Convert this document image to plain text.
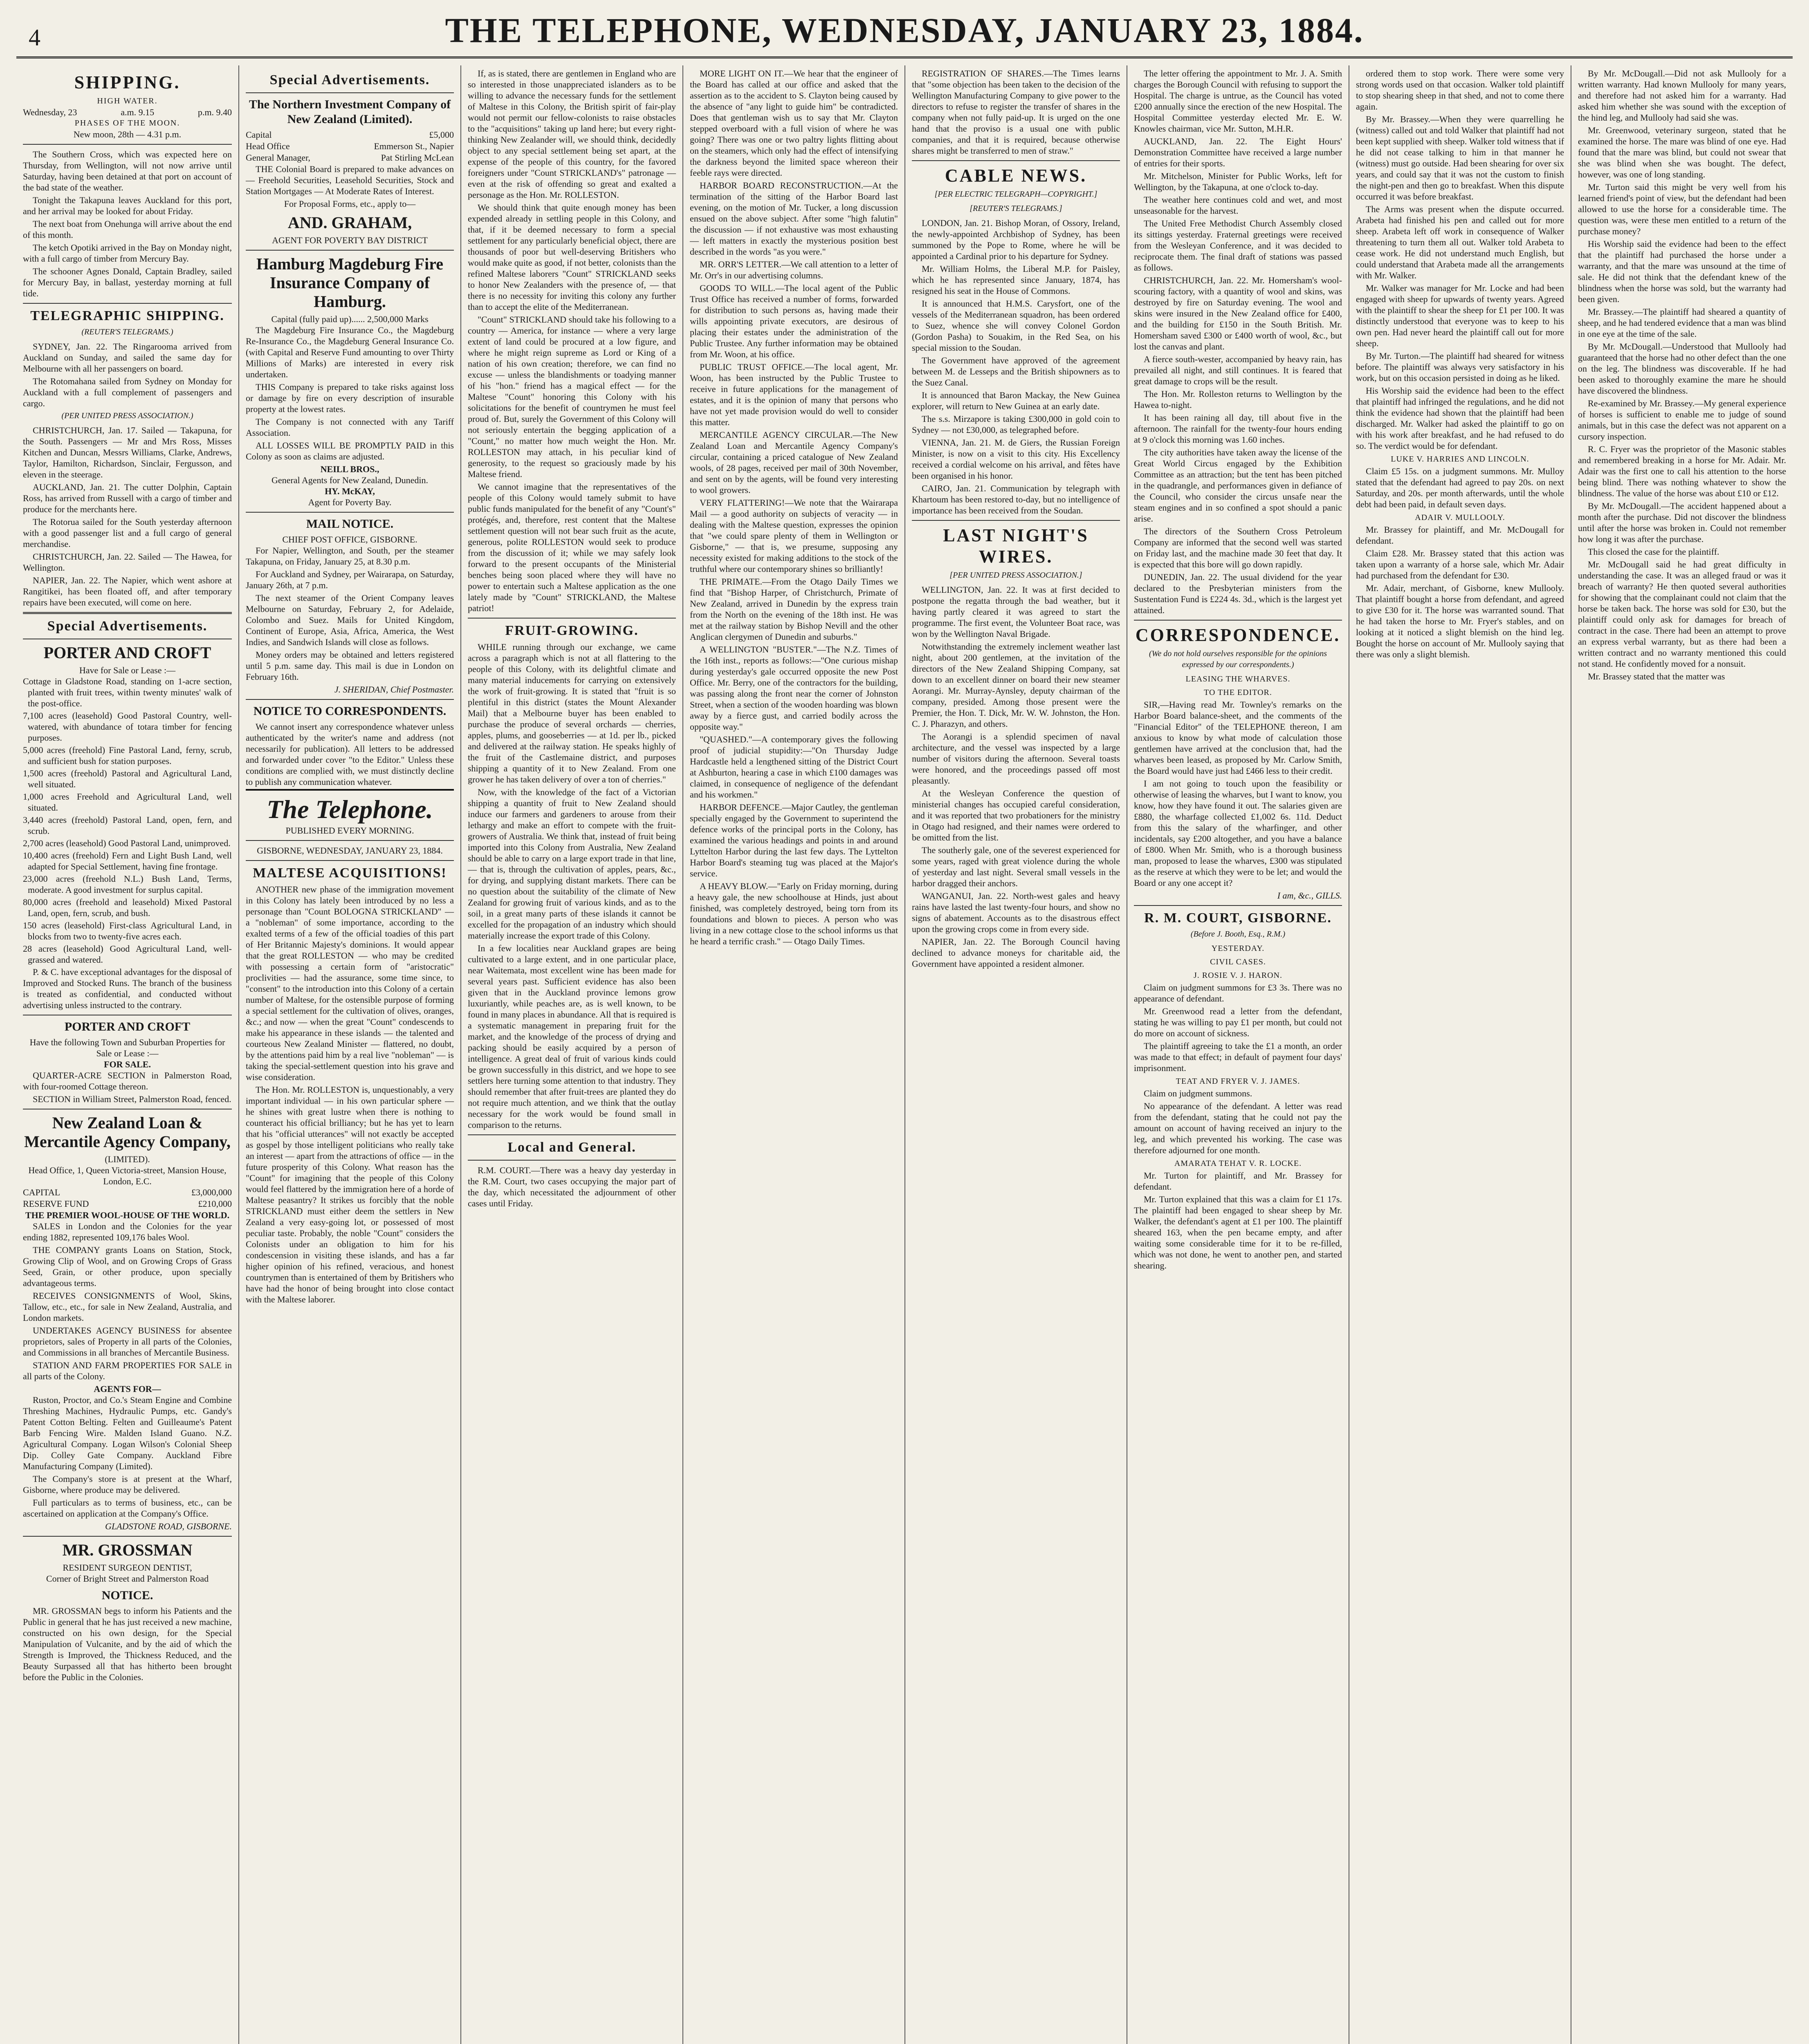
4	THE TELEPHONE, WEDNESDAY, JANUARY 23, 1884.
SHIPPING.
HIGH WATER.
Wednesday, 23	a.m. 9.15	p.m. 9.40
PHASES OF THE MOON.
New moon, 28th — 4.31 p.m.

The Southern Cross, which was expected here on Thursday, from Wellington, will not now arrive until Saturday, having been detained at that port on account of the bad state of the weather.

Tonight the Takapuna leaves Auckland for this port, and her arrival may be looked for about Friday.

The next boat from Onehunga will arrive about the end of this month.

The ketch Opotiki arrived in the Bay on Monday night, with a full cargo of timber from Mercury Bay.

The schooner Agnes Donald, Captain Bradley, sailed for Mercury Bay, in ballast, yesterday morning at full tide.

TELEGRAPHIC SHIPPING.
(REUTER'S TELEGRAMS.)

SYDNEY, Jan. 22. The Ringarooma arrived from Auckland on Sunday, and sailed the same day for Melbourne with all her passengers on board.

The Rotomahana sailed from Sydney on Monday for Auckland with a full complement of passengers and cargo.

(PER UNITED PRESS ASSOCIATION.)

CHRISTCHURCH, Jan. 17. Sailed — Takapuna, for the South. Passengers — Mr and Mrs Ross, Misses Kitchen and Duncan, Messrs Williams, Clarke, Andrews, Taylor, Hamilton, Richardson, Sinclair, Fergusson, and eleven in the steerage.

AUCKLAND, Jan. 21. The cutter Dolphin, Captain Ross, has arrived from Russell with a cargo of timber and produce for the merchants here.

The Rotorua sailed for the South yesterday afternoon with a good passenger list and a full cargo of general merchandise.

CHRISTCHURCH, Jan. 22. Sailed — The Hawea, for Wellington.

NAPIER, Jan. 22. The Napier, which went ashore at Rangitikei, has been floated off, and after temporary repairs have been executed, will come on here.

Special Advertisements.
PORTER AND CROFT
Have for Sale or Lease :—

Cottage in Gladstone Road, standing on 1-acre section, planted with fruit trees, within twenty minutes' walk of the post-office.

7,100 acres (leasehold) Good Pastoral Country, well-watered, with abundance of totara timber for fencing purposes.

5,000 acres (freehold) Fine Pastoral Land, ferny, scrub, and sufficient bush for station purposes.

1,500 acres (freehold) Pastoral and Agricultural Land, well situated.

1,000 acres Freehold and Agricultural Land, well situated.

3,440 acres (freehold) Pastoral Land, open, fern, and scrub.

2,700 acres (leasehold) Good Pastoral Land, unimproved.

10,400 acres (freehold) Fern and Light Bush Land, well adapted for Special Settlement, having fine frontage.

23,000 acres (freehold N.L.) Bush Land, Terms, moderate. A good investment for surplus capital.

80,000 acres (freehold and leasehold) Mixed Pastoral Land, open, fern, scrub, and bush.

150 acres (leasehold) First-class Agricultural Land, in blocks from two to twenty-five acres each.

28 acres (leasehold) Good Agricultural Land, well-grassed and watered.

P. & C. have exceptional advantages for the disposal of Improved and Stocked Runs. The branch of the business is treated as confidential, and conducted without advertising unless instructed to the contrary.

PORTER AND CROFT
Have the following Town and Suburban Properties for Sale or Lease :—
FOR SALE.

QUARTER-ACRE SECTION in Palmerston Road, with four-roomed Cottage thereon.

SECTION in William Street, Palmerston Road, fenced.

New Zealand Loan & Mercantile Agency Company,
(LIMITED).
Head Office, 1, Queen Victoria-street, Mansion House, London, E.C.
CAPITAL	£3,000,000
RESERVE FUND	£210,000
THE PREMIER WOOL-HOUSE OF THE WORLD.

SALES in London and the Colonies for the year ending 1882, represented 109,176 bales Wool.

THE COMPANY grants Loans on Station, Stock, Growing Clip of Wool, and on Growing Crops of Grass Seed, Grain, or other produce, upon specially advantageous terms.

RECEIVES CONSIGNMENTS of Wool, Skins, Tallow, etc., etc., for sale in New Zealand, Australia, and London markets.

UNDERTAKES AGENCY BUSINESS for absentee proprietors, sales of Property in all parts of the Colonies, and Commissions in all branches of Mercantile Business.

STATION AND FARM PROPERTIES FOR SALE in all parts of the Colony.

AGENTS FOR—

Ruston, Proctor, and Co.'s Steam Engine and Combine Threshing Machines, Hydraulic Pumps, etc. Gandy's Patent Cotton Belting. Felten and Guilleaume's Patent Barb Fencing Wire. Malden Island Guano. N.Z. Agricultural Company. Logan Wilson's Colonial Sheep Dip. Colley Gate Company. Auckland Fibre Manufacturing Company (Limited).

The Company's store is at present at the Wharf, Gisborne, where produce may be delivered.

Full particulars as to terms of business, etc., can be ascertained on application at the Company's Office.

GLADSTONE ROAD, GISBORNE.
MR. GROSSMAN
RESIDENT SURGEON DENTIST,
Corner of Bright Street and Palmerston Road
NOTICE.

MR. GROSSMAN begs to inform his Patients and the Public in general that he has just received a new machine, constructed on his own design, for the Special Manipulation of Vulcanite, and by the aid of which the Strength is Improved, the Thickness Reduced, and the Beauty Surpassed all that has hitherto been brought before the Public in the Colonies.

Special Advertisements.
The Northern Investment Company of New Zealand (Limited).
Capital	£5,000
Head Office	Emmerson St., Napier
General Manager,	Pat Stirling McLean

THE Colonial Board is prepared to make advances on — Freehold Securities, Leasehold Securities, Stock and Station Mortgages — At Moderate Rates of Interest.

For Proposal Forms, etc., apply to—
AND. GRAHAM,
AGENT FOR POVERTY BAY DISTRICT
Hamburg Magdeburg Fire Insurance Company of Hamburg.
Capital (fully paid up)...... 2,500,000 Marks

The Magdeburg Fire Insurance Co., the Magdeburg Re-Insurance Co., the Magdeburg General Insurance Co. (with Capital and Reserve Fund amounting to over Thirty Millions of Marks) are interested in every risk undertaken.

THIS Company is prepared to take risks against loss or damage by fire on every description of insurable property at the lowest rates.

The Company is not connected with any Tariff Association.

ALL LOSSES WILL BE PROMPTLY PAID in this Colony as soon as claims are adjusted.

NEILL BROS.,
General Agents for New Zealand, Dunedin.
HY. McKAY,
Agent for Poverty Bay.
MAIL NOTICE.
CHIEF POST OFFICE, GISBORNE.

For Napier, Wellington, and South, per the steamer Takapuna, on Friday, January 25, at 8.30 p.m.

For Auckland and Sydney, per Wairarapa, on Saturday, January 26th, at 7 p.m.

The next steamer of the Orient Company leaves Melbourne on Saturday, February 2, for Adelaide, Colombo and Suez. Mails for United Kingdom, Continent of Europe, Asia, Africa, America, the West Indies, and Sandwich Islands will close as follows.

Money orders may be obtained and letters registered until 5 p.m. same day. This mail is due in London on February 16th.

J. SHERIDAN, Chief Postmaster.
NOTICE TO CORRESPONDENTS.

We cannot insert any correspondence whatever unless authenticated by the writer's name and address (not necessarily for publication). All letters to be addressed and forwarded under cover "to the Editor." Unless these conditions are complied with, we must distinctly decline to publish any communication whatever.

The Telephone.
PUBLISHED EVERY MORNING.
GISBORNE, WEDNESDAY, JANUARY 23, 1884.
MALTESE ACQUISITIONS!

ANOTHER new phase of the immigration movement in this Colony has lately been introduced by no less a personage than "Count BOLOGNA STRICKLAND" — a "nobleman" of some importance, according to the exalted terms of a few of the official toadies of this part of Her Britannic Majesty's dominions. It would appear that the great ROLLESTON — who may be credited with possessing a certain form of "aristocratic" proclivities — had the assurance, some time since, to "consent" to the introduction into this Colony of a certain number of Maltese, for the ostensible purpose of forming a special settlement for the cultivation of olives, oranges, &c.; and now — when the great "Count" condescends to make his appearance in these islands — the talented and courteous New Zealand Minister — flattered, no doubt, by the attentions paid him by a real live "nobleman" — is taking the special-settlement question into his grave and wise consideration.

The Hon. Mr. ROLLESTON is, unquestionably, a very important individual — in his own particular sphere — he shines with great lustre when there is nothing to counteract his official brilliancy; but he has yet to learn that his "official utterances" will not exactly be accepted as gospel by those intelligent politicians who really take an interest — apart from the attractions of office — in the future prosperity of this Colony. What reason has the "Count" for imagining that the people of this Colony would feel flattered by the immigration here of a horde of Maltese peasantry? It strikes us forcibly that the noble STRICKLAND must either deem the settlers in New Zealand a very easy-going lot, or possessed of most peculiar taste. Probably, the noble "Count" considers the Colonists under an obligation to him for his condescension in visiting these islands, and has a far higher opinion of his refined, veracious, and honest countrymen than is entertained of them by Britishers who have had the honor of being brought into close contact with the Maltese laborer.

If, as is stated, there are gentlemen in England who are so interested in those unappreciated islanders as to be willing to advance the necessary funds for the settlement of Maltese in this Colony, the British spirit of fair-play would not permit our fellow-colonists to raise obstacles to the "acquisitions" taking up land here; but every right-thinking New Zealander will, we should think, decidedly object to any special settlement being set apart, at the expense of the people of this country, for the favored foreigners under "Count STRICKLAND's" patronage — even at the risk of offending so great and exalted a personage as the Hon. Mr. ROLLESTON.

We should think that quite enough money has been expended already in settling people in this Colony, and that, if it be deemed necessary to form a special settlement for any particularly beneficial object, there are thousands of poor but well-deserving Britishers who would make quite as good, if not better, colonists than the refined Maltese laborers "Count" STRICKLAND seeks to honor New Zealanders with the presence of, — that there is no necessity for inviting this colony any further than to accept the elite of the Mediterranean.

"Count" STRICKLAND should take his following to a country — America, for instance — where a very large extent of land could be procured at a low figure, and where he might reign supreme as Lord or King of a nation of his own creation; therefore, we can find no excuse — unless the blandishments or toadying manner of his "hon." friend has a magical effect — for the Maltese "Count" honoring this Colony with his solicitations for the benefit of countrymen he must feel proud of. But, surely the Government of this Colony will not seriously entertain the begging application of a "Count," no matter how much weight the Hon. Mr. ROLLESTON may attach, in his peculiar kind of generosity, to the request so graciously made by his Maltese friend.

We cannot imagine that the representatives of the people of this Colony would tamely submit to have public funds manipulated for the benefit of any "Count's" protégés, and, therefore, rest content that the Maltese settlement question will not bear such fruit as the acute, generous, polite ROLLESTON would seek to produce from the discussion of it; while we may safely look forward to the present occupants of the Ministerial benches being soon placed where they will have no power to entertain such a Maltese application as the one lately made by "Count" STRICKLAND, the Maltese patriot!

FRUIT-GROWING.

WHILE running through our exchange, we came across a paragraph which is not at all flattering to the people of this Colony, with its delightful climate and many material inducements for carrying on extensively the work of fruit-growing. It is stated that "fruit is so plentiful in this district (states the Mount Alexander Mail) that a Melbourne buyer has been enabled to purchase the produce of several orchards — cherries, apples, plums, and gooseberries — at 1d. per lb., picked and delivered at the railway station. He speaks highly of the fruit of the Castlemaine district, and purposes shipping a quantity of it to New Zealand. From one grower he has taken delivery of over a ton of cherries."

Now, with the knowledge of the fact of a Victorian shipping a quantity of fruit to New Zealand should induce our farmers and gardeners to arouse from their lethargy and make an effort to compete with the fruit-growers of Australia. We think that, instead of fruit being imported into this Colony from Australia, New Zealand should be able to carry on a large export trade in that line, — that is, through the cultivation of apples, pears, &c., for drying, and supplying distant markets. There can be no question about the suitability of the climate of New Zealand for growing fruit of various kinds, and as to the soil, in a great many parts of these islands it cannot be excelled for the propagation of an industry which should materially increase the export trade of this Colony.

In a few localities near Auckland grapes are being cultivated to a large extent, and in one particular place, near Waitemata, most excellent wine has been made for several years past. Sufficient evidence has also been given that in the Auckland province lemons grow luxuriantly, while peaches are, as is well known, to be found in many places in abundance. All that is required is a systematic management in preparing fruit for the market, and the knowledge of the process of drying and packing should be easily acquired by a person of intelligence. A great deal of fruit of various kinds could be grown successfully in this district, and we hope to see settlers here turning some attention to that industry. They should remember that after fruit-trees are planted they do not require much attention, and we think that the outlay necessary for the work would be found small in comparison to the returns.

Local and General.

R.M. COURT.—There was a heavy day yesterday in the R.M. Court, two cases occupying the major part of the day, which necessitated the adjournment of other cases until Friday.

MORE LIGHT ON IT.—We hear that the engineer of the Board has called at our office and asked that the assertion as to the accident to S. Clayton being caused by the absence of "any light to guide him" be contradicted. Does that gentleman wish us to say that Mr. Clayton stepped overboard with a full vision of where he was going? There was one or two paltry lights flitting about on the steamers, which only had the effect of intensifying the darkness beyond the limited space whereon their feeble rays were directed.

HARBOR BOARD RECONSTRUCTION.—At the termination of the sitting of the Harbor Board last evening, on the motion of Mr. Tucker, a long discussion ensued on the above subject. After some "high falutin" the discussion — if not exhaustive was most exhausting — left matters in exactly the mysterious position best described in the words "as you were."

MR. ORR'S LETTER.—We call attention to a letter of Mr. Orr's in our advertising columns.

GOODS TO WILL.—The local agent of the Public Trust Office has received a number of forms, forwarded for distribution to such persons as, having made their wills appointing private executors, are desirous of placing their estates under the administration of the Public Trustee. Any further information may be obtained from Mr. Woon, at his office.

PUBLIC TRUST OFFICE.—The local agent, Mr. Woon, has been instructed by the Public Trustee to receive in future applications for the management of estates, and it is the opinion of many that persons who have not yet made provision would do well to consider this matter.

MERCANTILE AGENCY CIRCULAR.—The New Zealand Loan and Mercantile Agency Company's circular, containing a priced catalogue of New Zealand wools, of 28 pages, received per mail of 30th November, and sent on by the agents, will be found very interesting to wool growers.

VERY FLATTERING!—We note that the Wairarapa Mail — a good authority on subjects of veracity — in dealing with the Maltese question, expresses the opinion that "we could spare plenty of them in Wellington or Gisborne," — that is, we presume, supposing any necessity existed for making additions to the stock of the truthful where our contemporary shines so brilliantly!

THE PRIMATE.—From the Otago Daily Times we find that "Bishop Harper, of Christchurch, Primate of New Zealand, arrived in Dunedin by the express train from the North on the evening of the 18th inst. He was met at the railway station by Bishop Nevill and the other Anglican clergymen of Dunedin and suburbs."

A WELLINGTON "BUSTER."—The N.Z. Times of the 16th inst., reports as follows:—"One curious mishap during yesterday's gale occurred opposite the new Post Office. Mr. Berry, one of the contractors for the building, was passing along the front near the corner of Johnston Street, when a section of the wooden hoarding was blown away by a fierce gust, and carried bodily across the opposite way."

"QUASHED."—A contemporary gives the following proof of judicial stupidity:—"On Thursday Judge Hardcastle held a lengthened sitting of the District Court at Ashburton, hearing a case in which £100 damages was claimed, in consequence of negligence of the defendant and his workmen."

HARBOR DEFENCE.—Major Cautley, the gentleman specially engaged by the Government to superintend the defence works of the principal ports in the Colony, has examined the various headings and points in and around Lyttelton Harbor during the last few days. The Lyttelton Harbor Board's steaming tug was placed at the Major's service.

A HEAVY BLOW.—"Early on Friday morning, during a heavy gale, the new schoolhouse at Hinds, just about finished, was completely destroyed, being torn from its foundations and blown to pieces. A person who was living in a new cottage close to the school informs us that he heard a terrific crash." — Otago Daily Times.

REGISTRATION OF SHARES.—The Times learns that "some objection has been taken to the decision of the Wellington Manufacturing Company to give power to the directors to refuse to register the transfer of shares in the company when not fully paid-up. It is urged on the one hand that the proviso is a usual one with public companies, and that it is required, because otherwise shares might be transferred to men of straw."

CABLE NEWS.
[PER ELECTRIC TELEGRAPH—COPYRIGHT.]
[REUTER'S TELEGRAMS.]

LONDON, Jan. 21. Bishop Moran, of Ossory, Ireland, the newly-appointed Archbishop of Sydney, has been summoned by the Pope to Rome, where he will be appointed a Cardinal prior to his departure for Sydney.

Mr. William Holms, the Liberal M.P. for Paisley, which he has represented since January, 1874, has resigned his seat in the House of Commons.

It is announced that H.M.S. Carysfort, one of the vessels of the Mediterranean squadron, has been ordered to Suez, whence she will convey Colonel Gordon (Gordon Pasha) to Souakim, in the Red Sea, on his special mission to the Soudan.

The Government have approved of the agreement between M. de Lesseps and the British shipowners as to the Suez Canal.

It is announced that Baron Mackay, the New Guinea explorer, will return to New Guinea at an early date.

The s.s. Mirzapore is taking £300,000 in gold coin to Sydney — not £30,000, as telegraphed before.

VIENNA, Jan. 21. M. de Giers, the Russian Foreign Minister, is now on a visit to this city. His Excellency received a cordial welcome on his arrival, and fêtes have been organised in his honor.

CAIRO, Jan. 21. Communication by telegraph with Khartoum has been restored to-day, but no intelligence of importance has been received from the Soudan.

LAST NIGHT'S WIRES.
[PER UNITED PRESS ASSOCIATION.]

WELLINGTON, Jan. 22. It was at first decided to postpone the regatta through the bad weather, but it having partly cleared it was agreed to start the programme. The first event, the Volunteer Boat race, was won by the Wellington Naval Brigade.

Notwithstanding the extremely inclement weather last night, about 200 gentlemen, at the invitation of the directors of the New Zealand Shipping Company, sat down to an excellent dinner on board their new steamer Aorangi. Mr. Murray-Aynsley, deputy chairman of the company, presided. Among those present were the Premier, the Hon. T. Dick, Mr. W. W. Johnston, the Hon. C. J. Pharazyn, and others.

The Aorangi is a splendid specimen of naval architecture, and the vessel was inspected by a large number of visitors during the afternoon. Several toasts were honored, and the proceedings passed off most pleasantly.

At the Wesleyan Conference the question of ministerial changes has occupied careful consideration, and it was reported that two probationers for the ministry in Otago had resigned, and their names were ordered to be omitted from the list.

The southerly gale, one of the severest experienced for some years, raged with great violence during the whole of yesterday and last night. Several small vessels in the harbor dragged their anchors.

WANGANUI, Jan. 22. North-west gales and heavy rains have lasted the last twenty-four hours, and show no signs of abatement. Accounts as to the disastrous effect upon the growing crops come in from every side.

NAPIER, Jan. 22. The Borough Council having declined to advance moneys for charitable aid, the Government have appointed a resident almoner.

The letter offering the appointment to Mr. J. A. Smith charges the Borough Council with refusing to support the Hospital. The charge is untrue, as the Council has voted £200 annually since the erection of the new Hospital. The Hospital Committee yesterday elected Mr. E. W. Knowles chairman, vice Mr. Sutton, M.H.R.

AUCKLAND, Jan. 22. The Eight Hours' Demonstration Committee have received a large number of entries for their sports.

Mr. Mitchelson, Minister for Public Works, left for Wellington, by the Takapuna, at one o'clock to-day.

The weather here continues cold and wet, and most unseasonable for the harvest.

The United Free Methodist Church Assembly closed its sittings yesterday. Fraternal greetings were received from the Wesleyan Conference, and it was decided to reciprocate them. The final draft of stations was passed as follows.

CHRISTCHURCH, Jan. 22. Mr. Homersham's wool-scouring factory, with a quantity of wool and skins, was destroyed by fire on Saturday evening. The wool and skins were insured in the New Zealand office for £400, and the building for £150 in the South British. Mr. Homersham saved £300 or £400 worth of wool, &c., but lost the canvas and plant.

A fierce south-wester, accompanied by heavy rain, has prevailed all night, and still continues. It is feared that great damage to crops will be the result.

The Hon. Mr. Rolleston returns to Wellington by the Hawea to-night.

It has been raining all day, till about five in the afternoon. The rainfall for the twenty-four hours ending at 9 o'clock this morning was 1.60 inches.

The city authorities have taken away the license of the Great World Circus engaged by the Exhibition Committee as an attraction; but the tent has been pitched in the quadrangle, and performances given in defiance of the Council, who consider the circus unsafe near the steam engines and in so confined a spot should a panic arise.

The directors of the Southern Cross Petroleum Company are informed that the second well was started on Friday last, and the machine made 30 feet that day. It is expected that this bore will go down rapidly.

DUNEDIN, Jan. 22. The usual dividend for the year declared to the Presbyterian ministers from the Sustentation Fund is £224 4s. 3d., which is the largest yet attained.

CORRESPONDENCE.
(We do not hold ourselves responsible for the opinions expressed by our correspondents.)
LEASING THE WHARVES.
TO THE EDITOR.

SIR,—Having read Mr. Townley's remarks on the Harbor Board balance-sheet, and the comments of the "Financial Editor" of the TELEPHONE thereon, I am anxious to know by what mode of calculation those gentlemen have arrived at the conclusion that, had the wharves been leased, as proposed by Mr. Carlow Smith, the Board would have just had £466 less to their credit.

I am not going to touch upon the feasibility or otherwise of leasing the wharves, but I want to know, you know, how they have found it out. The salaries given are £880, the wharfage collected £1,002 6s. 11d. Deduct from this the salary of the wharfinger, and other incidentals, say £200 altogether, and you have a balance of £800. When Mr. Smith, who is a thorough business man, proposed to lease the wharves, £300 was stipulated as the reserve at which they were to be let; and would the Board or any one accept it?

I am, &c., GILLS.
R. M. COURT, GISBORNE.
(Before J. Booth, Esq., R.M.)
YESTERDAY.
CIVIL CASES.
J. ROSIE V. J. HARON.

Claim on judgment summons for £3 3s. There was no appearance of defendant.

Mr. Greenwood read a letter from the defendant, stating he was willing to pay £1 per month, but could not do more on account of sickness.

The plaintiff agreeing to take the £1 a month, an order was made to that effect; in default of payment four days' imprisonment.

TEAT AND FRYER V. J. JAMES.

Claim on judgment summons.

No appearance of the defendant. A letter was read from the defendant, stating that he could not pay the amount on account of having received an injury to the leg, and which prevented his working. The case was therefore adjourned for one month.

AMARATA TEHAT V. R. LOCKE.

Mr. Turton for plaintiff, and Mr. Brassey for defendant.

Mr. Turton explained that this was a claim for £1 17s. The plaintiff had been engaged to shear sheep by Mr. Walker, the defendant's agent at £1 per 100. The plaintiff sheared 163, when the pen became empty, and after waiting some considerable time for it to be re-filled, which was not done, he went to another pen, and started shearing.

ordered them to stop work. There were some very strong words used on that occasion. Walker told plaintiff to stop shearing sheep in that shed, and not to come there again.

By Mr. Brassey.—When they were quarrelling he (witness) called out and told Walker that plaintiff had not been kept supplied with sheep. Walker told witness that if he did not cease talking to him in that manner he (witness) must go outside. Had been shearing for over six years, and could say that it was not the custom to finish the night-pen and then go to breakfast. When this dispute occurred it was before breakfast.

The Arms was present when the dispute occurred. Arabeta had finished his pen and called out for more sheep. Arabeta left off work in consequence of Walker threatening to turn them all out. Walker told Arabeta to cease work. He did not understand much English, but could understand that Arabeta made all the arrangements with Mr. Walker.

Mr. Walker was manager for Mr. Locke and had been engaged with sheep for upwards of twenty years. Agreed with the plaintiff to shear the sheep for £1 per 100. It was distinctly understood that everyone was to keep to his own pen. Had never heard the plaintiff call out for more sheep.

By Mr. Turton.—The plaintiff had sheared for witness before. The plaintiff was always very satisfactory in his work, but on this occasion persisted in doing as he liked.

His Worship said the evidence had been to the effect that plaintiff had infringed the regulations, and he did not think the evidence had shown that the plaintiff had been discharged. Mr. Walker had asked the plaintiff to go on with his work after breakfast, and he had refused to do so. The verdict would be for defendant.

LUKE V. HARRIES AND LINCOLN.

Claim £5 15s. on a judgment summons. Mr. Mulloy stated that the defendant had agreed to pay 20s. on next Saturday, and 20s. per month afterwards, until the whole debt had been paid, in default seven days.

ADAIR V. MULLOOLY.

Mr. Brassey for plaintiff, and Mr. McDougall for defendant.

Claim £28. Mr. Brassey stated that this action was taken upon a warranty of a horse sale, which Mr. Adair had purchased from the defendant for £30.

Mr. Adair, merchant, of Gisborne, knew Mullooly. That plaintiff bought a horse from defendant, and agreed to give £30 for it. The horse was warranted sound. That he had taken the horse to Mr. Fryer's stables, and on looking at it noticed a slight blemish on the hind leg. Bought the horse on account of Mr. Mullooly saying that there was only a slight blemish.

By Mr. McDougall.—Did not ask Mullooly for a written warranty. Had known Mullooly for many years, and therefore had not asked him for a warranty. Had asked him whether she was sound with the exception of the hind leg, and Mullooly had said she was.

Mr. Greenwood, veterinary surgeon, stated that he examined the horse. The mare was blind of one eye. Had found that the mare was blind, but could not swear that she was blind when she was bought. The defect, however, was one of long standing.

Mr. Turton said this might be very well from his learned friend's point of view, but the defendant had been allowed to use the horse for a considerable time. The question was, were these men entitled to a return of the purchase money?

His Worship said the evidence had been to the effect that the plaintiff had purchased the horse under a warranty, and that the mare was unsound at the time of sale. He did not think that the defendant knew of the blindness when the horse was sold, but the warranty had been given.

Mr. Brassey.—The plaintiff had sheared a quantity of sheep, and he had tendered evidence that a man was blind in one eye at the time of the sale.

By Mr. McDougall.—Understood that Mullooly had guaranteed that the horse had no other defect than the one on the leg. The blindness was discoverable. If he had been asked to thoroughly examine the mare he should have discovered the blindness.

Re-examined by Mr. Brassey.—My general experience of horses is sufficient to enable me to judge of sound animals, but in this case the defect was not apparent on a cursory inspection.

R. C. Fryer was the proprietor of the Masonic stables and remembered breaking in a horse for Mr. Adair. Mr. Adair was the first one to call his attention to the horse being blind. There was nothing whatever to show the blindness. The value of the horse was about £10 or £12.

By Mr. McDougall.—The accident happened about a month after the purchase. Did not discover the blindness until after the horse was broken in. Could not remember how long it was after the purchase.

This closed the case for the plaintiff.

Mr. McDougall said he had great difficulty in understanding the case. It was an alleged fraud or was it breach of warranty? He then quoted several authorities for showing that the complainant could not claim that the horse be taken back. The horse was sold for £30, but the plaintiff could only ask for damages for breach of contract in the case. There had been an attempt to prove an express verbal warranty, but as there had been a written contract and no warranty mentioned this could not stand. He confidently moved for a nonsuit.

Mr. Brassey stated that the matter was
